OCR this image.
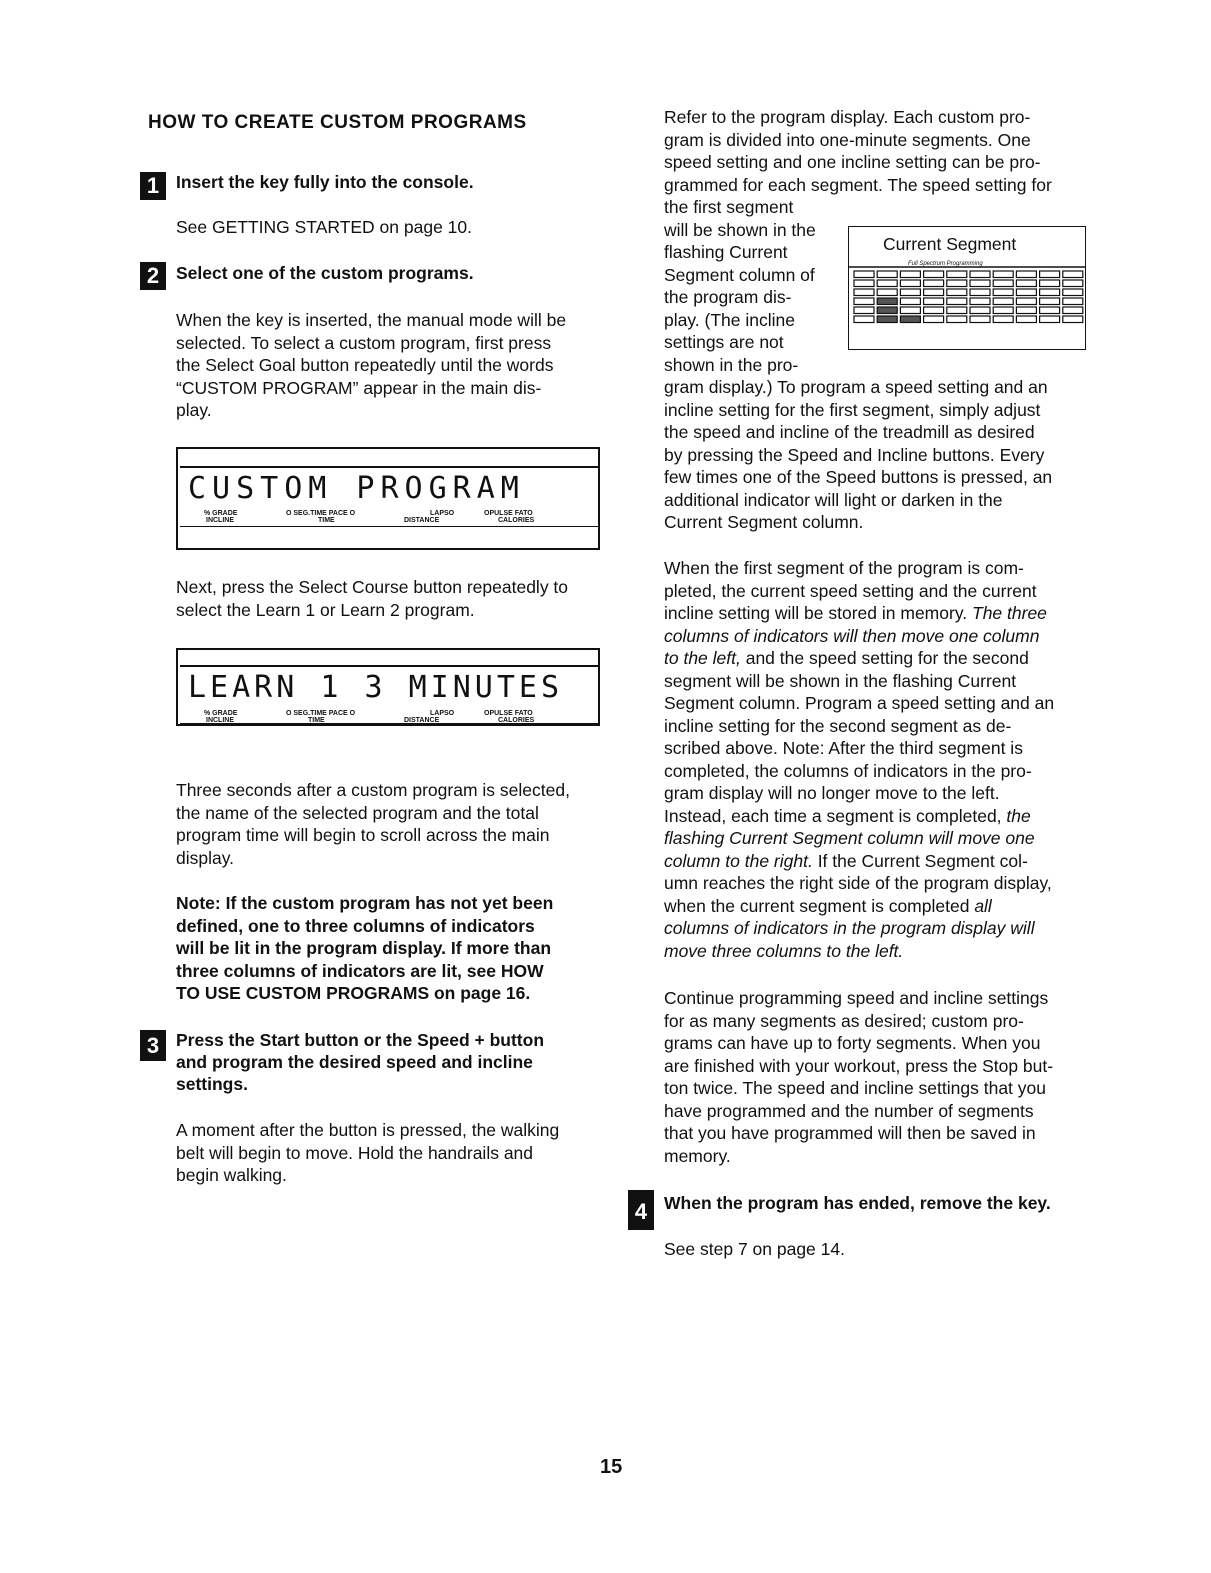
HOW TO CREATE CUSTOM PROGRAMS
1 Insert the key fully into the console.
See GETTING STARTED on page 10.
2 Select one of the custom programs.
When the key is inserted, the manual mode will be
selected. To select a custom program, first press
the Select Goal button repeatedly until the words
“CUSTOM PROGRAM” appear in the main dis-
play.
CUSTOM PROGRAM
% GRADE	O SEG.TIME PACE O	LAPSO	OPULSE FATO
INCLINE	TIME	DISTANCE	CALORIES
Next, press the Select Course button repeatedly to
select the Learn 1 or Learn 2 program.
LEARN 1 3 MINUTES
% GRADE	O SEG.TIME PACE O	LAPSO	OPULSE FATO
INCLINE	TIME	DISTANCE	CALORIES
Three seconds after a custom program is selected,
the name of the selected program and the total
program time will begin to scroll across the main
display.
Note: If the custom program has not yet been
defined, one to three columns of indicators
will be lit in the program display. If more than
three columns of indicators are lit, see HOW
TO USE CUSTOM PROGRAMS on page 16.
3 Press the Start button or the Speed + button
and program the desired speed and incline
settings.
A moment after the button is pressed, the walking
belt will begin to move. Hold the handrails and
begin walking.
Refer to the program display. Each custom pro-
gram is divided into one-minute segments. One
speed setting and one incline setting can be pro-
grammed for each segment. The speed setting for
the first segment
will be shown in the
flashing Current
Segment column of
the program dis-
play. (The incline
settings are not
shown in the pro-
gram display.) To program a speed setting and an
incline setting for the first segment, simply adjust
the speed and incline of the treadmill as desired
by pressing the Speed and Incline buttons. Every
few times one of the Speed buttons is pressed, an
additional indicator will light or darken in the
Current Segment column.
Current Segment
Full Spectrum Programming
When the first segment of the program is com-
pleted, the current speed setting and the current
incline setting will be stored in memory. The three
columns of indicators will then move one column
to the left, and the speed setting for the second
segment will be shown in the flashing Current
Segment column. Program a speed setting and an
incline setting for the second segment as de-
scribed above. Note: After the third segment is
completed, the columns of indicators in the pro-
gram display will no longer move to the left.
Instead, each time a segment is completed, the
flashing Current Segment column will move one
column to the right. If the Current Segment col-
umn reaches the right side of the program display,
when the current segment is completed all
columns of indicators in the program display will
move three columns to the left.
Continue programming speed and incline settings
for as many segments as desired; custom pro-
grams can have up to forty segments. When you
are finished with your workout, press the Stop but-
ton twice. The speed and incline settings that you
have programmed and the number of segments
that you have programmed will then be saved in
memory.
4 When the program has ended, remove the key.
See step 7 on page 14.
15
